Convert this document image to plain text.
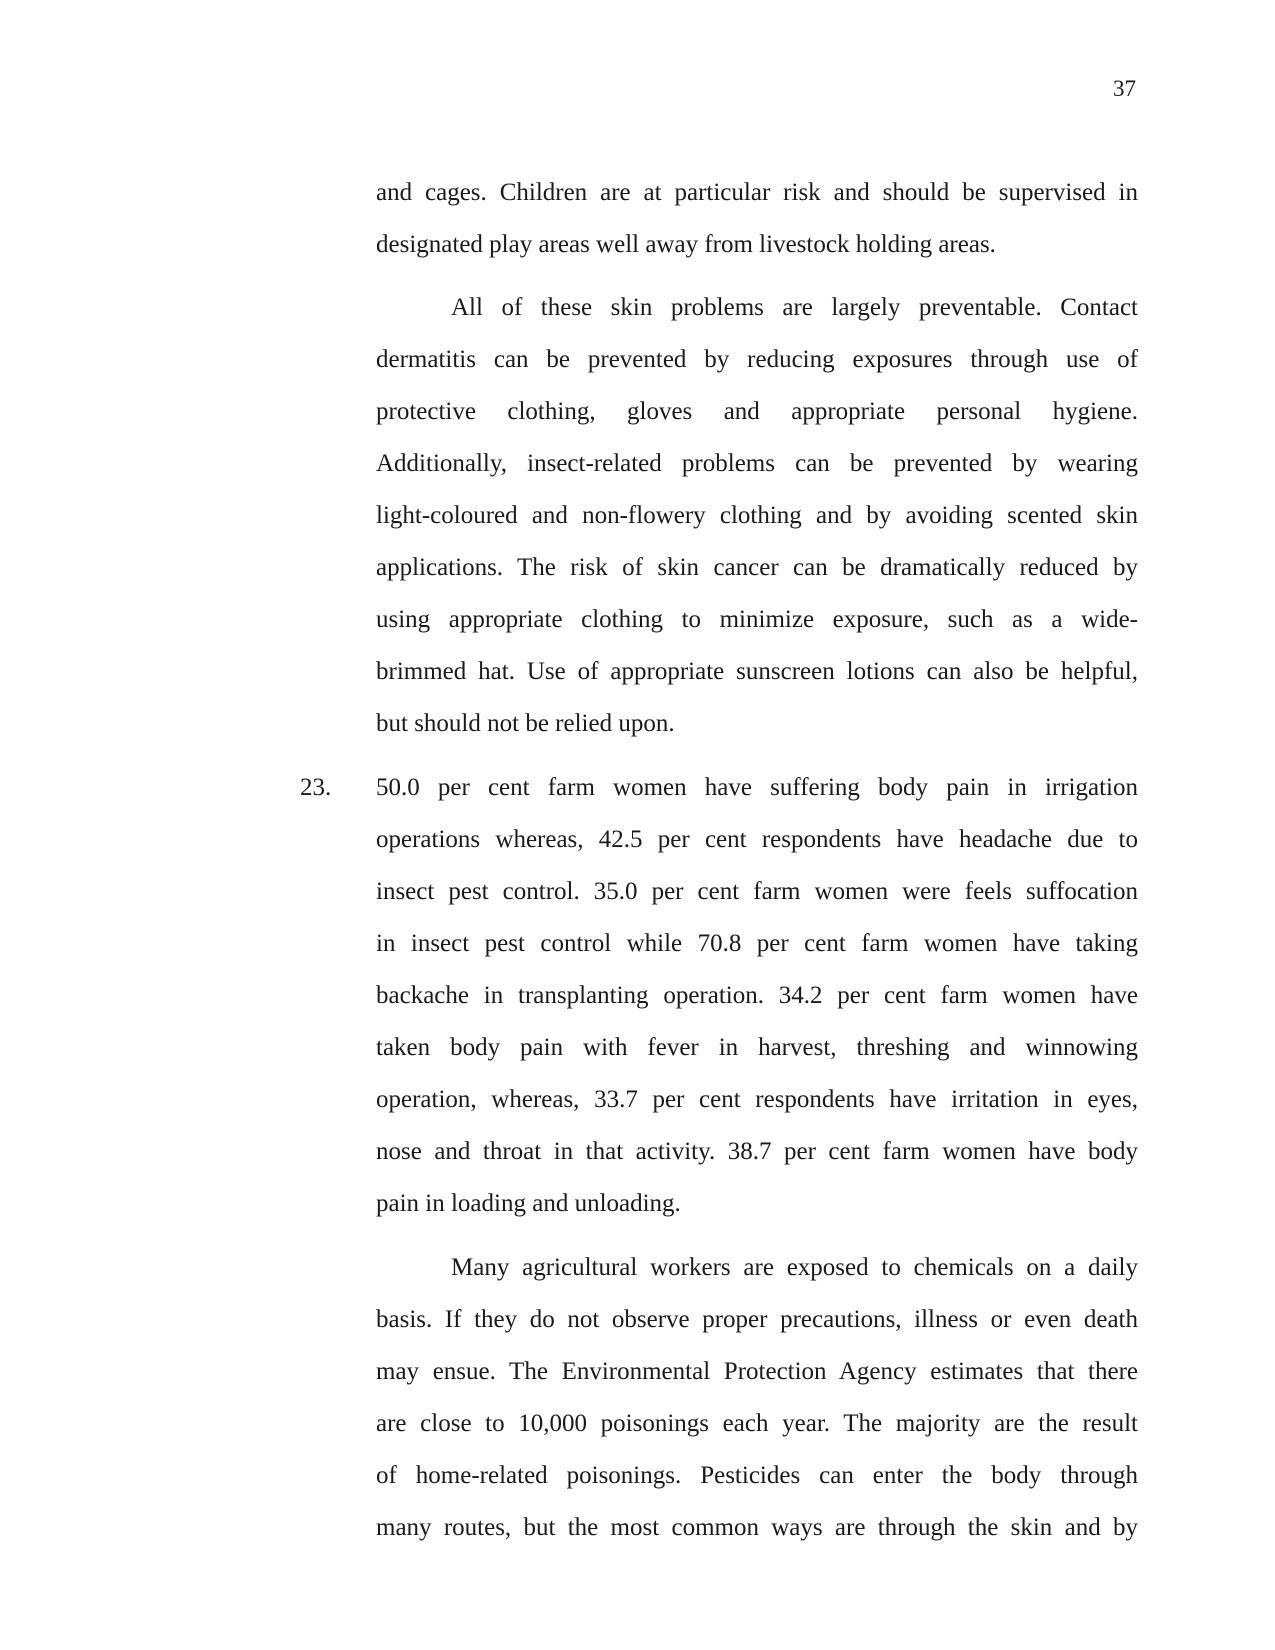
37
and cages. Children are at particular risk and should be supervised in
designated play areas well away from livestock holding areas.
All of these skin problems are largely preventable. Contact
dermatitis can be prevented by reducing exposures through use of
protective clothing, gloves and appropriate personal hygiene.
Additionally, insect-related problems can be prevented by wearing
light-coloured and non-flowery clothing and by avoiding scented skin
applications. The risk of skin cancer can be dramatically reduced by
using appropriate clothing to minimize exposure, such as a wide-
brimmed hat. Use of appropriate sunscreen lotions can also be helpful,
but should not be relied upon.
23. 50.0 per cent farm women have suffering body pain in irrigation
operations whereas, 42.5 per cent respondents have headache due to
insect pest control. 35.0 per cent farm women were feels suffocation
in insect pest control while 70.8 per cent farm women have taking
backache in transplanting operation. 34.2 per cent farm women have
taken body pain with fever in harvest, threshing and winnowing
operation, whereas, 33.7 per cent respondents have irritation in eyes,
nose and throat in that activity. 38.7 per cent farm women have body
pain in loading and unloading.
Many agricultural workers are exposed to chemicals on a daily
basis. If they do not observe proper precautions, illness or even death
may ensue. The Environmental Protection Agency estimates that there
are close to 10,000 poisonings each year. The majority are the result
of home-related poisonings. Pesticides can enter the body through
many routes, but the most common ways are through the skin and by
